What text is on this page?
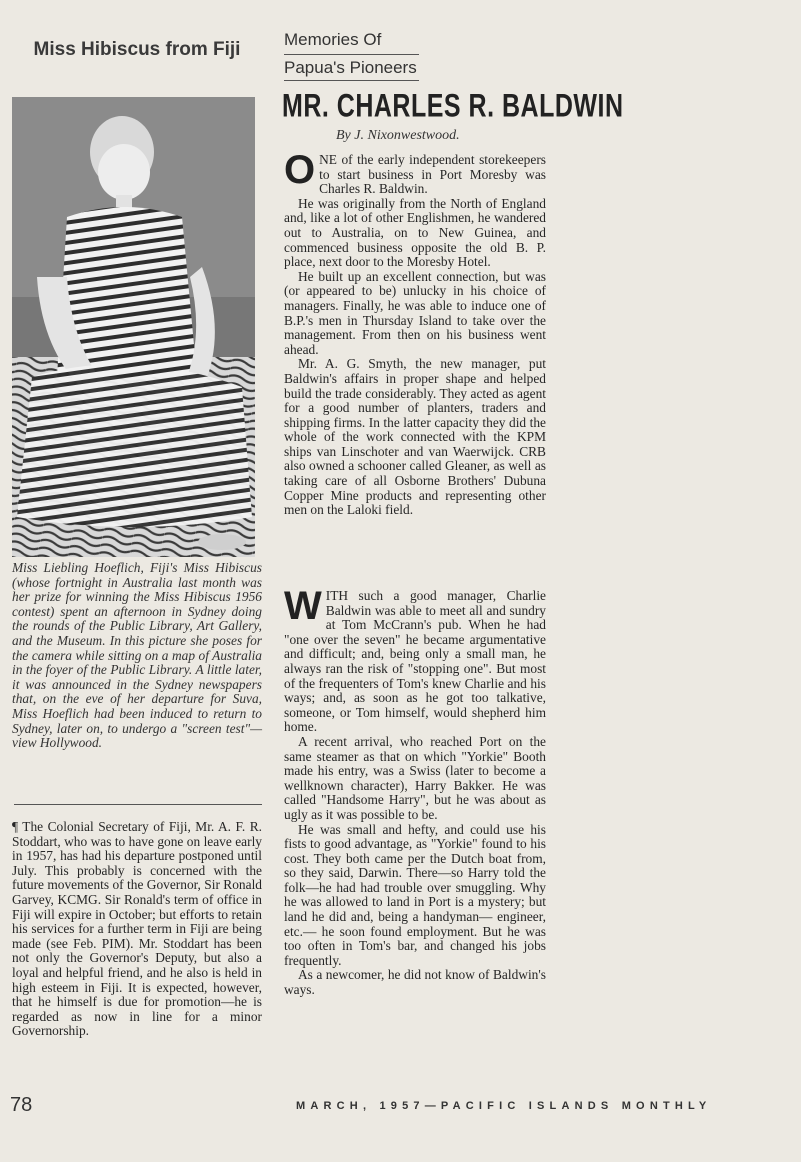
Miss Hibiscus from Fiji
Miss Liebling Hoeflich, Fiji's Miss Hibiscus (whose fortnight in Australia last month was her prize for winning the Miss Hibiscus 1956 contest) spent an afternoon in Sydney doing the rounds of the Public Library, Art Gallery, and the Museum. In this picture she poses for the camera while sitting on a map of Australia in the foyer of the Public Library. A little later, it was announced in the Sydney newspapers that, on the eve of her departure for Suva, Miss Hoeflich had been induced to return to Sydney, later on, to undergo a "screen test"—view Hollywood.

¶ The Colonial Secretary of Fiji, Mr. A. F. R. Stoddart, who was to have gone on leave early in 1957, has had his departure postponed until July. This probably is concerned with the future movements of the Governor, Sir Ronald Garvey, KCMG. Sir Ronald's term of office in Fiji will expire in October; but efforts to retain his services for a further term in Fiji are being made (see Feb. PIM). Mr. Stoddart has been not only the Governor's Deputy, but also a loyal and helpful friend, and he also is held in high esteem in Fiji. It is expected, however, that he himself is due for promotion—he is regarded as now in line for a minor Governorship.

78
Memories Of
Papua's Pioneers
MR. CHARLES R. BALDWIN
By J. Nixonwestwood.

ONE of the early independent storekeepers to start business in Port Moresby was Charles R. Baldwin.

He was originally from the North of England and, like a lot of other Englishmen, he wandered out to Australia, on to New Guinea, and commenced business opposite the old B. P. place, next door to the Moresby Hotel.

He built up an excellent connection, but was (or appeared to be) unlucky in his choice of managers. Finally, he was able to induce one of B.P.'s men in Thursday Island to take over the management. From then on his business went ahead.

Mr. A. G. Smyth, the new manager, put Baldwin's affairs in proper shape and helped build the trade considerably. They acted as agent for a good number of planters, traders and shipping firms. In the latter capacity they did the whole of the work connected with the KPM ships van Linschoter and van Waerwijck. CRB also owned a schooner called Gleaner, as well as taking care of all Osborne Brothers' Dubuna Copper Mine products and representing other men on the Laloki field.

WITH such a good manager, Charlie Baldwin was able to meet all and sundry at Tom McCrann's pub. When he had "one over the seven" he became argumentative and difficult; and, being only a small man, he always ran the risk of "stopping one". But most of the frequenters of Tom's knew Charlie and his ways; and, as soon as he got too talkative, someone, or Tom himself, would shepherd him home.

A recent arrival, who reached Port on the same steamer as that on which "Yorkie" Booth made his entry, was a Swiss (later to become a wellknown character), Harry Bakker. He was called "Handsome Harry", but he was about as ugly as it was possible to be.

He was small and hefty, and could use his fists to good advantage, as "Yorkie" found to his cost. They both came per the Dutch boat from, so they said, Darwin. There—so Harry told the folk—he had had trouble over smuggling. Why he was allowed to land in Port is a mystery; but land he did and, being a handyman— engineer, etc.— he soon found employment. But he was too often in Tom's bar, and changed his jobs frequently.

As a newcomer, he did not know of Baldwin's ways.

MARCH, 1957—PACIFIC ISLANDS MONTHLY
